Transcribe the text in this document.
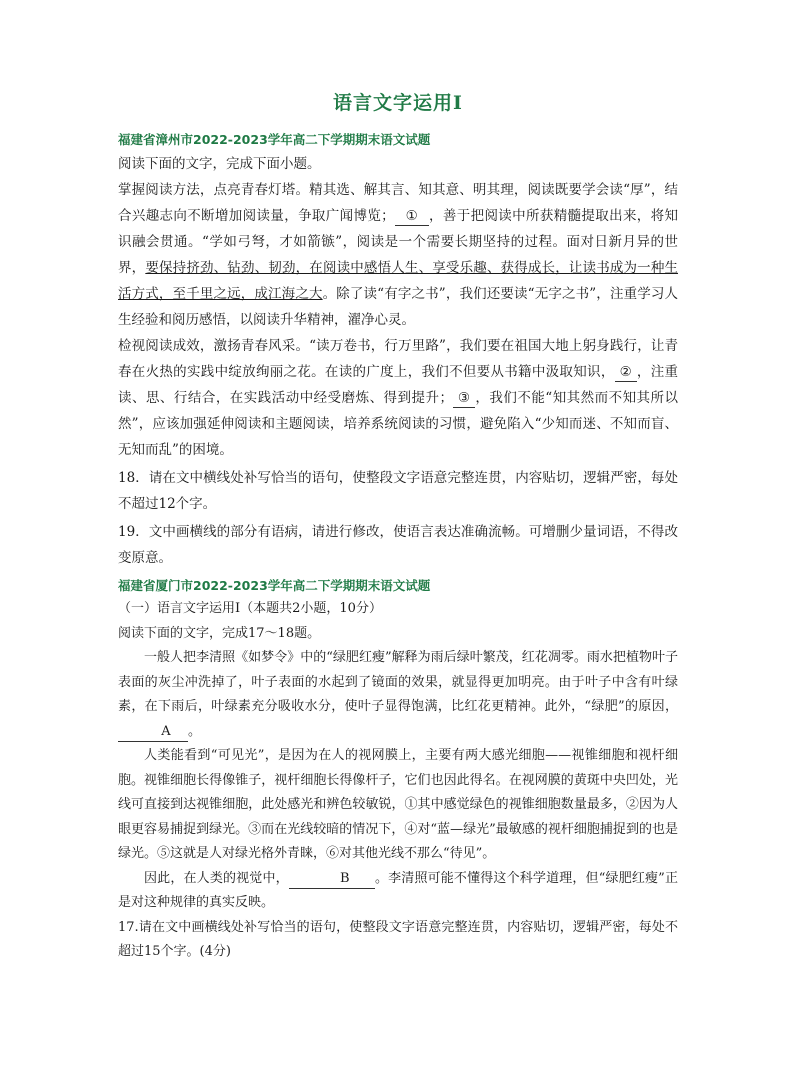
语言文字运用Ⅰ

福建省漳州市2022-2023学年高二下学期期末语文试题

阅读下面的文字，完成下面小题。

掌握阅读方法，点亮青春灯塔。精其选、解其言、知其意、明其理，阅读既要学会读“厚”，结合兴趣志向不断增加阅读量，争取广闻博览； ① ，善于把阅读中所获精髓提取出来，将知识融会贯通。“学如弓弩，才如箭镞”，阅读是一个需要长期坚持的过程。面对日新月异的世界，要保持挤劲、钻劲、韧劲，在阅读中感悟人生、享受乐趣、获得成长，让读书成为一种生活方式，至千里之远，成江海之大。除了读“有字之书”，我们还要读“无字之书”，注重学习人生经验和阅历感悟，以阅读升华精神，濯净心灵。

检视阅读成效，激扬青春风采。“读万卷书，行万里路”，我们要在祖国大地上躬身践行，让青春在火热的实践中绽放绚丽之花。在读的广度上，我们不但要从书籍中汲取知识， ② ，注重读、思、行结合，在实践活动中经受磨炼、得到提升； ③ ，我们不能“知其然而不知其所以然”，应该加强延伸阅读和主题阅读，培养系统阅读的习惯，避免陷入“少知而迷、不知而盲、无知而乱”的困境。

18．请在文中横线处补写恰当的语句，使整段文字语意完整连贯，内容贴切，逻辑严密，每处不超过12个字。

19．文中画横线的部分有语病，请进行修改，使语言表达准确流畅。可增删少量词语，不得改变原意。

福建省厦门市2022-2023学年高二下学期期末语文试题

（一）语言文字运用Ⅰ（本题共2小题，10分）

阅读下面的文字，完成17～18题。

一般人把李清照《如梦令》中的“绿肥红瘦”解释为雨后绿叶繁茂，红花凋零。雨水把植物叶子表面的灰尘冲洗掉了，叶子表面的水起到了镜面的效果，就显得更加明亮。由于叶子中含有叶绿素，在下雨后，叶绿素充分吸收水分，使叶子显得饱满，比红花更精神。此外，“绿肥”的原因，A 。

人类能看到“可见光”，是因为在人的视网膜上，主要有两大感光细胞——视锥细胞和视杆细胞。视锥细胞长得像锥子，视杆细胞长得像杆子，它们也因此得名。在视网膜的黄斑中央凹处，光线可直接到达视锥细胞，此处感光和辨色较敏锐，①其中感觉绿色的视锥细胞数量最多，②因为人眼更容易捕捉到绿光。③而在光线较暗的情况下，④对“蓝—绿光”最敏感的视杆细胞捕捉到的也是绿光。⑤这就是人对绿光格外青睐，⑥对其他光线不那么“待见”。

因此，在人类的视觉中，	B 。李清照可能不懂得这个科学道理，但“绿肥红瘦”正是对这种规律的真实反映。

17.请在文中画横线处补写恰当的语句，使整段文字语意完整连贯，内容贴切，逻辑严密，每处不超过15个字。(4分)
